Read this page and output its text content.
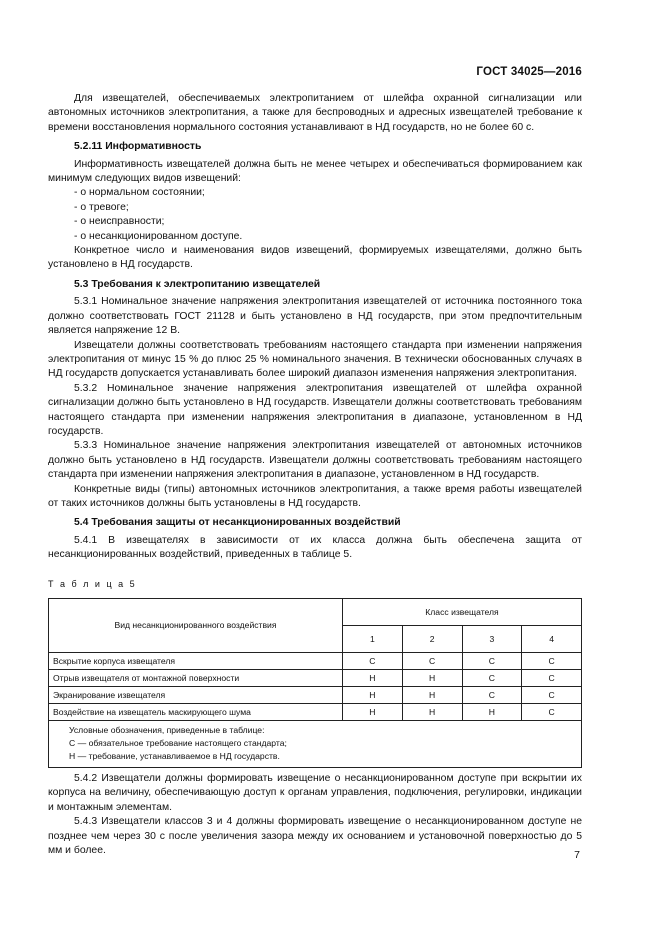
ГОСТ 34025—2016

Для извещателей, обеспечиваемых электропитанием от шлейфа охранной сигнализации или автономных источников электропитания, а также для беспроводных и адресных извещателей требование к времени восстановления нормального состояния устанавливают в НД государств, но не более 60 с.

5.2.11 Информативность

Информативность извещателей должна быть не менее четырех и обеспечиваться формированием как минимум следующих видов извещений:

- о нормальном состоянии;
- о тревоге;
- о неисправности;
- о несанкционированном доступе.

Конкретное число и наименования видов извещений, формируемых извещателями, должно быть установлено в НД государств.

5.3 Требования к электропитанию извещателей

5.3.1 Номинальное значение напряжения электропитания извещателей от источника постоянного тока должно соответствовать ГОСТ 21128 и быть установлено в НД государств, при этом предпочтительным является напряжение 12 В.

Извещатели должны соответствовать требованиям настоящего стандарта при изменении напряжения электропитания от минус 15 % до плюс 25 % номинального значения. В технически обоснованных случаях в НД государств допускается устанавливать более широкий диапазон изменения напряжения электропитания.

5.3.2 Номинальное значение напряжения электропитания извещателей от шлейфа охранной сигнализации должно быть установлено в НД государств. Извещатели должны соответствовать требованиям настоящего стандарта при изменении напряжения электропитания в диапазоне, установленном в НД государств.

5.3.3 Номинальное значение напряжения электропитания извещателей от автономных источников должно быть установлено в НД государств. Извещатели должны соответствовать требованиям настоящего стандарта при изменении напряжения электропитания в диапазоне, установленном в НД государств.

Конкретные виды (типы) автономных источников электропитания, а также время работы извещателей от таких источников должны быть установлены в НД государств.

5.4 Требования защиты от несанкционированных воздействий

5.4.1 В извещателях в зависимости от их класса должна быть обеспечена защита от несанкционированных воздействий, приведенных в таблице 5.

Т а б л и ц а 5
Вид несанкционированного воздействия	Класс извещателя			
	1	2	3	4
Вскрытие корпуса извещателя	С	С	С	С
Отрыв извещателя от монтажной поверхности	Н	Н	С	С
Экранирование извещателя	Н	Н	С	С
Воздействие на извещатель маскирующего шума	Н	Н	Н	С

Условные обозначения, приведенные в таблице:
С — обязательное требование настоящего стандарта;
Н — требование, устанавливаемое в НД государств.				

5.4.2 Извещатели должны формировать извещение о несанкционированном доступе при вскрытии их корпуса на величину, обеспечивающую доступ к органам управления, подключения, регулировки, индикации и монтажным элементам.

5.4.3 Извещатели классов 3 и 4 должны формировать извещение о несанкционированном доступе не позднее чем через 30 с после увеличения зазора между их основанием и установочной поверхностью до 5 мм и более.	7
